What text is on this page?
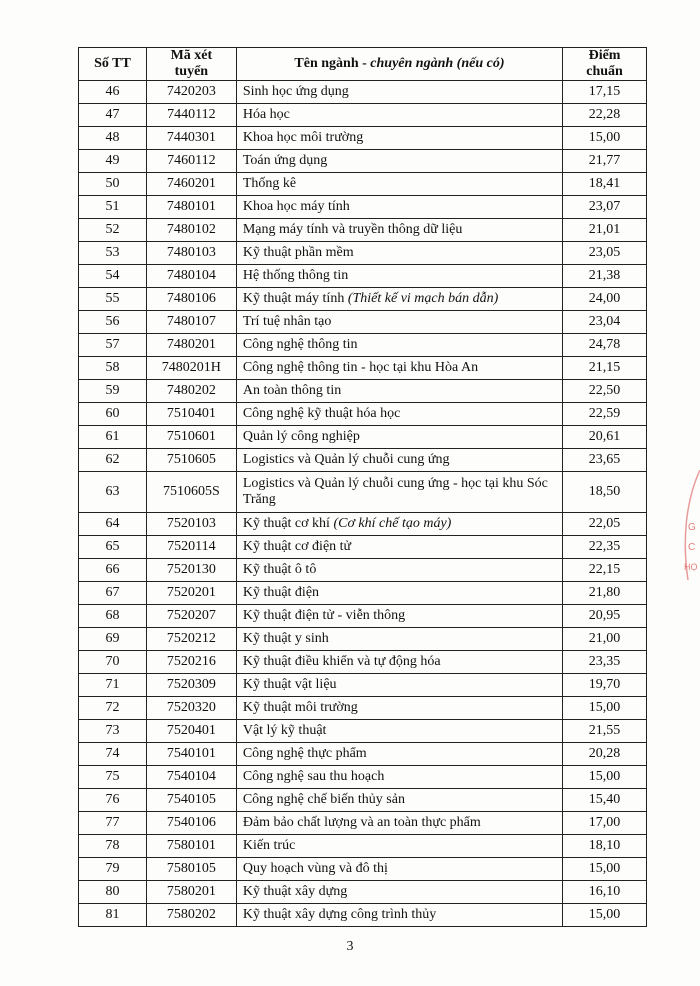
Số TT	Mã xét tuyển	Tên ngành - chuyên ngành (nếu có)	Điểm chuẩn
46	7420203	Sinh học ứng dụng	17,15
47	7440112	Hóa học	22,28
48	7440301	Khoa học môi trường	15,00
49	7460112	Toán ứng dụng	21,77
50	7460201	Thống kê	18,41
51	7480101	Khoa học máy tính	23,07
52	7480102	Mạng máy tính và truyền thông dữ liệu	21,01
53	7480103	Kỹ thuật phần mềm	23,05
54	7480104	Hệ thống thông tin	21,38
55	7480106	Kỹ thuật máy tính (Thiết kế vi mạch bán dẫn)	24,00
56	7480107	Trí tuệ nhân tạo	23,04
57	7480201	Công nghệ thông tin	24,78
58	7480201H	Công nghệ thông tin - học tại khu Hòa An	21,15
59	7480202	An toàn thông tin	22,50
60	7510401	Công nghệ kỹ thuật hóa học	22,59
61	7510601	Quản lý công nghiệp	20,61
62	7510605	Logistics và Quản lý chuỗi cung ứng	23,65
63	7510605S	Logistics và Quản lý chuỗi cung ứng - học tại khu Sóc Trăng	18,50
64	7520103	Kỹ thuật cơ khí (Cơ khí chế tạo máy)	22,05
65	7520114	Kỹ thuật cơ điện tử	22,35
66	7520130	Kỹ thuật ô tô	22,15
67	7520201	Kỹ thuật điện	21,80
68	7520207	Kỹ thuật điện tử - viễn thông	20,95
69	7520212	Kỹ thuật y sinh	21,00
70	7520216	Kỹ thuật điều khiển và tự động hóa	23,35
71	7520309	Kỹ thuật vật liệu	19,70
72	7520320	Kỹ thuật môi trường	15,00
73	7520401	Vật lý kỹ thuật	21,55
74	7540101	Công nghệ thực phẩm	20,28
75	7540104	Công nghệ sau thu hoạch	15,00
76	7540105	Công nghệ chế biến thủy sản	15,40
77	7540106	Đảm bảo chất lượng và an toàn thực phẩm	17,00
78	7580101	Kiến trúc	18,10
79	7580105	Quy hoạch vùng và đô thị	15,00
80	7580201	Kỹ thuật xây dựng	16,10
81	7580202	Kỹ thuật xây dựng công trình thủy	15,00
G
C
HỌ
3
